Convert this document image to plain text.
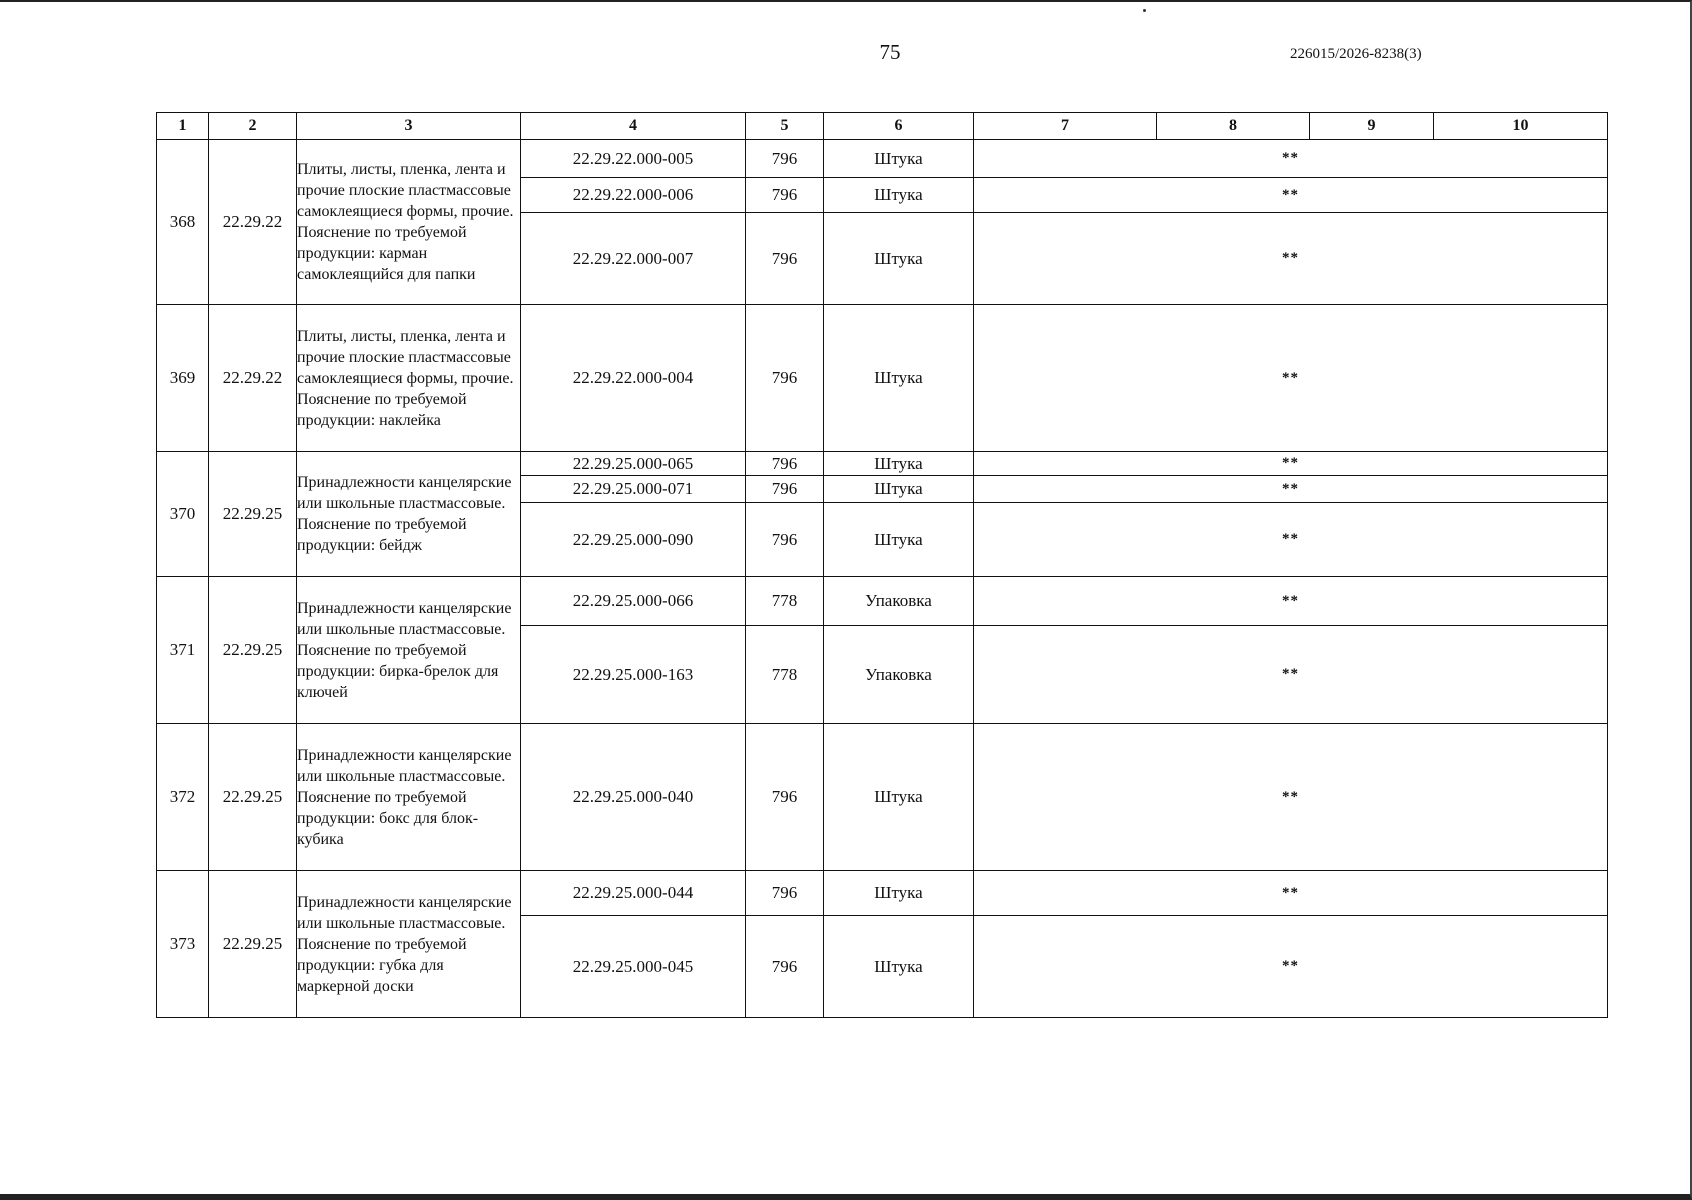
75	226015/2026-8238(3)
1	2	3	4	5	6	7	8	9	10
368	22.29.22	Плиты, листы, пленка, лента и прочие плоские пластмассовые самоклеящиеся формы, прочие. Пояснение по требуемой продукции: карман самоклеящийся для папки	22.29.22.000-005	796	Штука	**			
			22.29.22.000-006	796	Штука	**			
			22.29.22.000-007	796	Штука	**			
369	22.29.22	Плиты, листы, пленка, лента и прочие плоские пластмассовые самоклеящиеся формы, прочие. Пояснение по требуемой продукции: наклейка	22.29.22.000-004	796	Штука	**			
370	22.29.25	Принадлежности канцелярские или школьные пластмассовые. Пояснение по требуемой продукции: бейдж	22.29.25.000-065	796	Штука	**			
			22.29.25.000-071	796	Штука	**			
			22.29.25.000-090	796	Штука	**			
371	22.29.25	Принадлежности канцелярские или школьные пластмассовые. Пояснение по требуемой продукции: бирка-брелок для ключей	22.29.25.000-066	778	Упаковка	**			
			22.29.25.000-163	778	Упаковка	**			
372	22.29.25	Принадлежности канцелярские или школьные пластмассовые. Пояснение по требуемой продукции: бокс для блок-кубика	22.29.25.000-040	796	Штука	**			
373	22.29.25	Принадлежности канцелярские или школьные пластмассовые. Пояснение по требуемой продукции: губка для маркерной доски	22.29.25.000-044	796	Штука	**			
			22.29.25.000-045	796	Штука	**			
